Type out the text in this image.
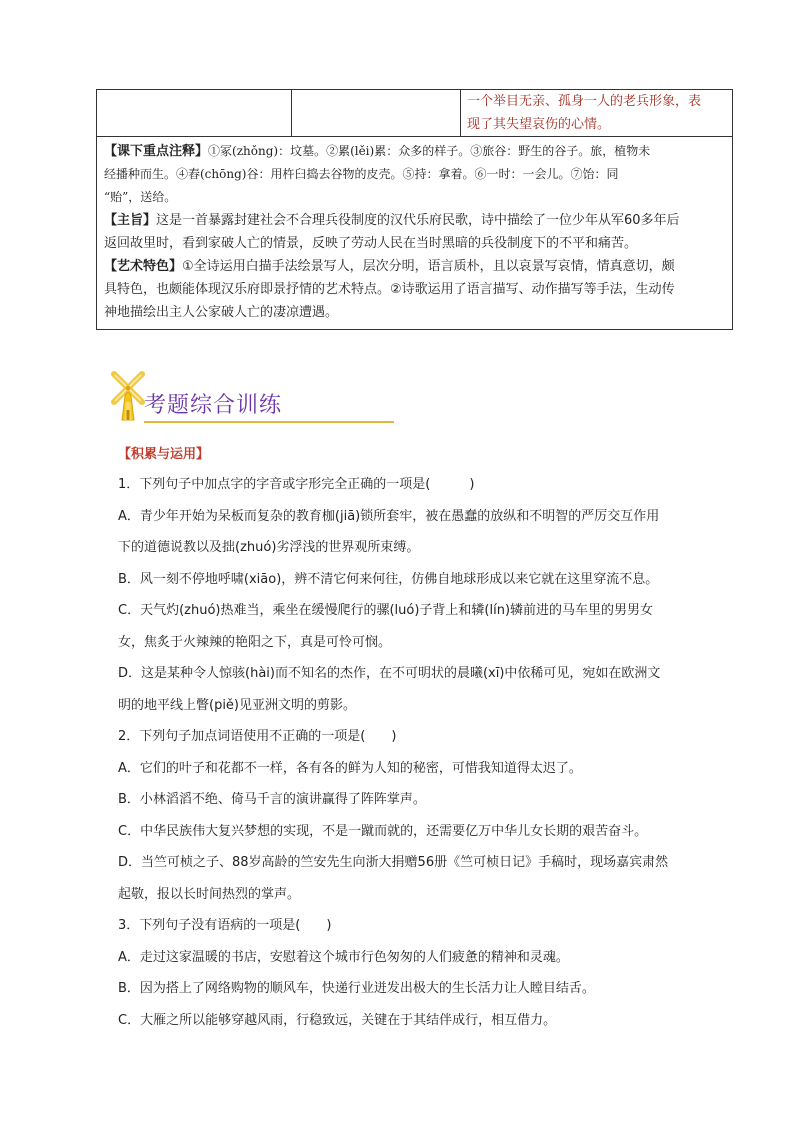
一个举目无亲、孤身一人的老兵形象，表
现了其失望哀伤的心情。
【课下重点注释】①冢(zhǒng)：坟墓。②累(lěi)累：众多的样子。③旅谷：野生的谷子。旅，植物未
经播种而生。④舂(chōng)谷：用杵臼捣去谷物的皮壳。⑤持：拿着。⑥一时：一会儿。⑦饴：同
“贻”，送给。
【主旨】这是一首暴露封建社会不合理兵役制度的汉代乐府民歌，诗中描绘了一位少年从军60多年后
返回故里时，看到家破人亡的情景，反映了劳动人民在当时黑暗的兵役制度下的不平和痛苦。
【艺术特色】①全诗运用白描手法绘景写人，层次分明，语言质朴，且以哀景写哀情，情真意切，颇
具特色，也颇能体现汉乐府即景抒情的艺术特点。②诗歌运用了语言描写、动作描写等手法，生动传
神地描绘出主人公家破人亡的凄凉遭遇。
考题综合训练
【积累与运用】
1．下列句子中加点字的字音或字形完全正确的一项是(　　　)
A．青少年开始为呆板而复杂的教育枷(jiā)锁所套牢，被在愚蠢的放纵和不明智的严厉交互作用
下的道德说教以及拙(zhuó)劣浮浅的世界观所束缚。
B．风一刻不停地呼啸(xiāo)，辨不清它何来何往，仿佛自地球形成以来它就在这里穿流不息。
C．天气灼(zhuó)热难当，乘坐在缓慢爬行的骡(luó)子背上和辚(lín)辚前进的马车里的男男女
女，焦炙于火辣辣的艳阳之下，真是可怜可悯。
D．这是某种令人惊骇(hài)而不知名的杰作，在不可明状的晨曦(xī)中依稀可见，宛如在欧洲文
明的地平线上瞥(piě)见亚洲文明的剪影。
2．下列句子加点词语使用不正确的一项是(　　)
A．它们的叶子和花都不一样，各有各的鲜为人知的秘密，可惜我知道得太迟了。
B．小林滔滔不绝、倚马千言的演讲赢得了阵阵掌声。
C．中华民族伟大复兴梦想的实现，不是一蹴而就的，还需要亿万中华儿女长期的艰苦奋斗。
D．当竺可桢之子、88岁高龄的竺安先生向浙大捐赠56册《竺可桢日记》手稿时，现场嘉宾肃然
起敬，报以长时间热烈的掌声。
3．下列句子没有语病的一项是(　　)
A．走过这家温暖的书店，安慰着这个城市行色匆匆的人们疲惫的精神和灵魂。
B．因为搭上了网络购物的顺风车，快递行业迸发出极大的生长活力让人瞠目结舌。
C．大雁之所以能够穿越风雨，行稳致远，关键在于其结伴成行，相互借力。
